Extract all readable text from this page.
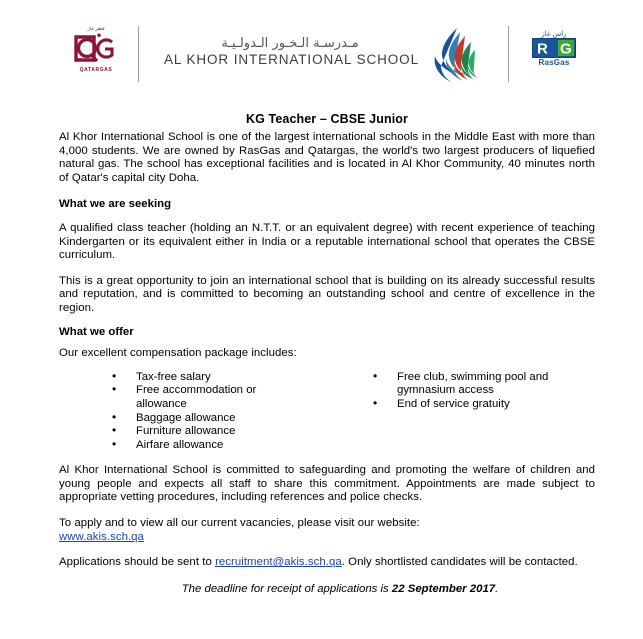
قطر غاز
QATARGAS
مـدرسـة الـخـور الـدولـيـة
AL KHOR INTERNATIONAL SCHOOL
راس غاز
R G
RasGas
KG Teacher – CBSE Junior

Al Khor International School is one of the largest international schools in the Middle East with more than 4,000 students. We are owned by RasGas and Qatargas, the world's two largest producers of liquefied natural gas. The school has exceptional facilities and is located in Al Khor Community, 40 minutes north of Qatar's capital city Doha.

What we are seeking

A qualified class teacher (holding an N.T.T. or an equivalent degree) with recent experience of teaching Kindergarten or its equivalent either in India or a reputable international school that operates the CBSE curriculum.

This is a great opportunity to join an international school that is building on its already successful results and reputation, and is committed to becoming an outstanding school and centre of excellence in the region.

What we offer

Our excellent compensation package includes:

• Tax-free salary
• Free accommodation or
allowance
• Baggage allowance
• Furniture allowance
• Airfare allowance
• Free club, swimming pool and
gymnasium access
• End of service gratuity

Al Khor International School is committed to safeguarding and promoting the welfare of children and young people and expects all staff to share this commitment. Appointments are made subject to appropriate vetting procedures, including references and police checks.

To apply and to view all our current vacancies, please visit our website:
www.akis.sch.qa

Applications should be sent to recruitment@akis.sch.qa. Only shortlisted candidates will be contacted.

The deadline for receipt of applications is 22 September 2017.
